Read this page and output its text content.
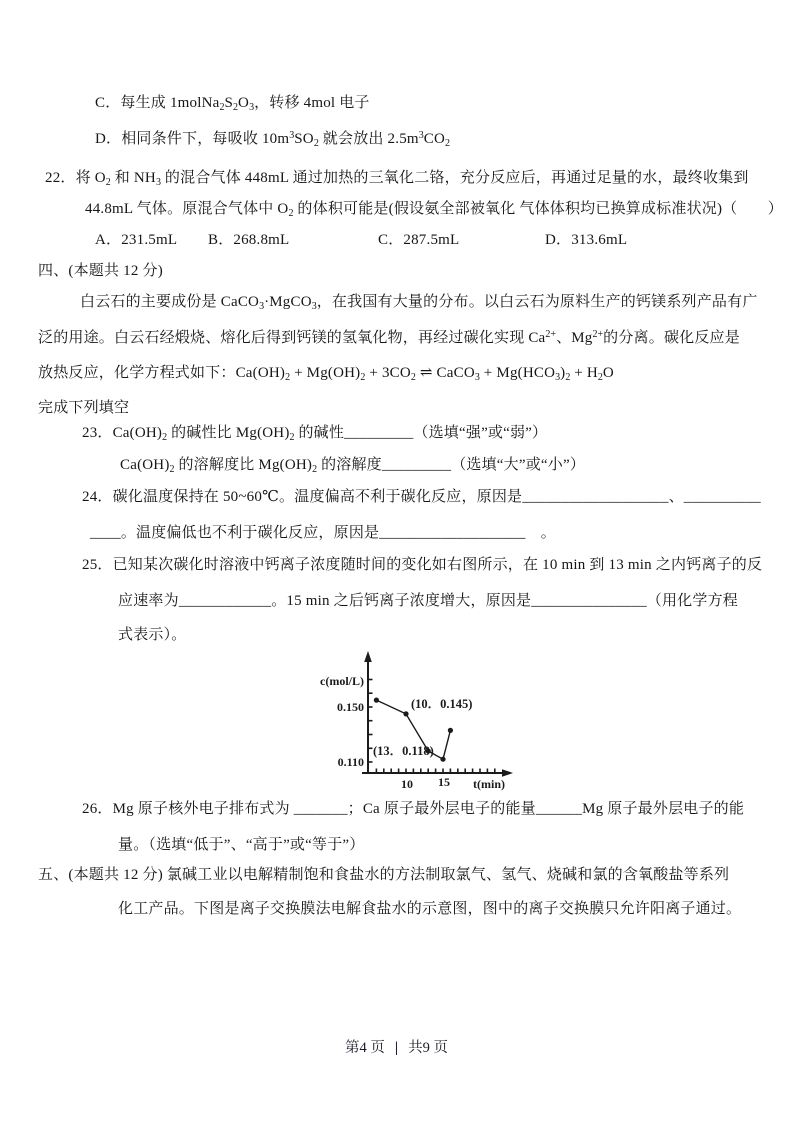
C．每生成 $1molNa_2S_2O_3$，转移 4mol 电子
D．相同条件下，每吸收 $10m^3SO_2$ 就会放出 $2.5m^3CO_2$
22．将 $O_2$ 和 $NH_3$ 的混合气体 448mL 通过加热的三氧化二铬，充分反应后，再通过足量的水，最终收集到
44.8mL 气体。原混合气体中 $O_2$ 的体积可能是(假设氨全部被氧化 气体体积均已换算成标准状况)（　　）
A．231.5mL B．268.8mL	C．287.5mL	D．313.6mL
四、(本题共 12 分)
白云石的主要成份是 CaCO$_3$·MgCO$_3$，在我国有大量的分布。以白云石为原料生产的钙镁系列产品有广
泛的用途。白云石经煅烧、熔化后得到钙镁的氢氧化物，再经过碳化实现 $Ca^{2+}$、$Mg^{2+}$的分离。碳化反应是
放热反应，化学方程式如下：$Ca(OH)_2 + Mg(OH)_2 + 3CO_2$ ⇌ CaCO$_3$ + $Mg(HCO_3)_2 + H_2O$
完成下列填空
23．$Ca(OH)_2$ 的碱性比 $Mg(OH)_2$ 的碱性_________（选填“强”或“弱”）
$Ca(OH)_2$ 的溶解度比 $Mg(OH)_2$ 的溶解度_________（选填“大”或“小”）
24．碳化温度保持在 50~60℃。温度偏高不利于碳化反应，原因是___________________、__________
____。温度偏低也不利于碳化反应，原因是___________________　。
25．已知某次碳化时溶液中钙离子浓度随时间的变化如右图所示，在 10 min 到 13 min 之内钙离子的反
应速率为____________。15 min 之后钙离子浓度增大，原因是_______________（用化学方程
式表示）。
c(mol/L)
t(min)
0.150
0.110
10 15
(10．0.145)
(13．0.118)
26．Mg 原子核外电子排布式为 _______；Ca 原子最外层电子的能量______Mg 原子最外层电子的能
量。（选填“低于”、“高于”或“等于”）
五、(本题共 12 分) 氯碱工业以电解精制饱和食盐水的方法制取氯气、氢气、烧碱和氯的含氧酸盐等系列
化工产品。下图是离子交换膜法电解食盐水的示意图，图中的离子交换膜只允许阳离子通过。
第4 页 | 共9 页
